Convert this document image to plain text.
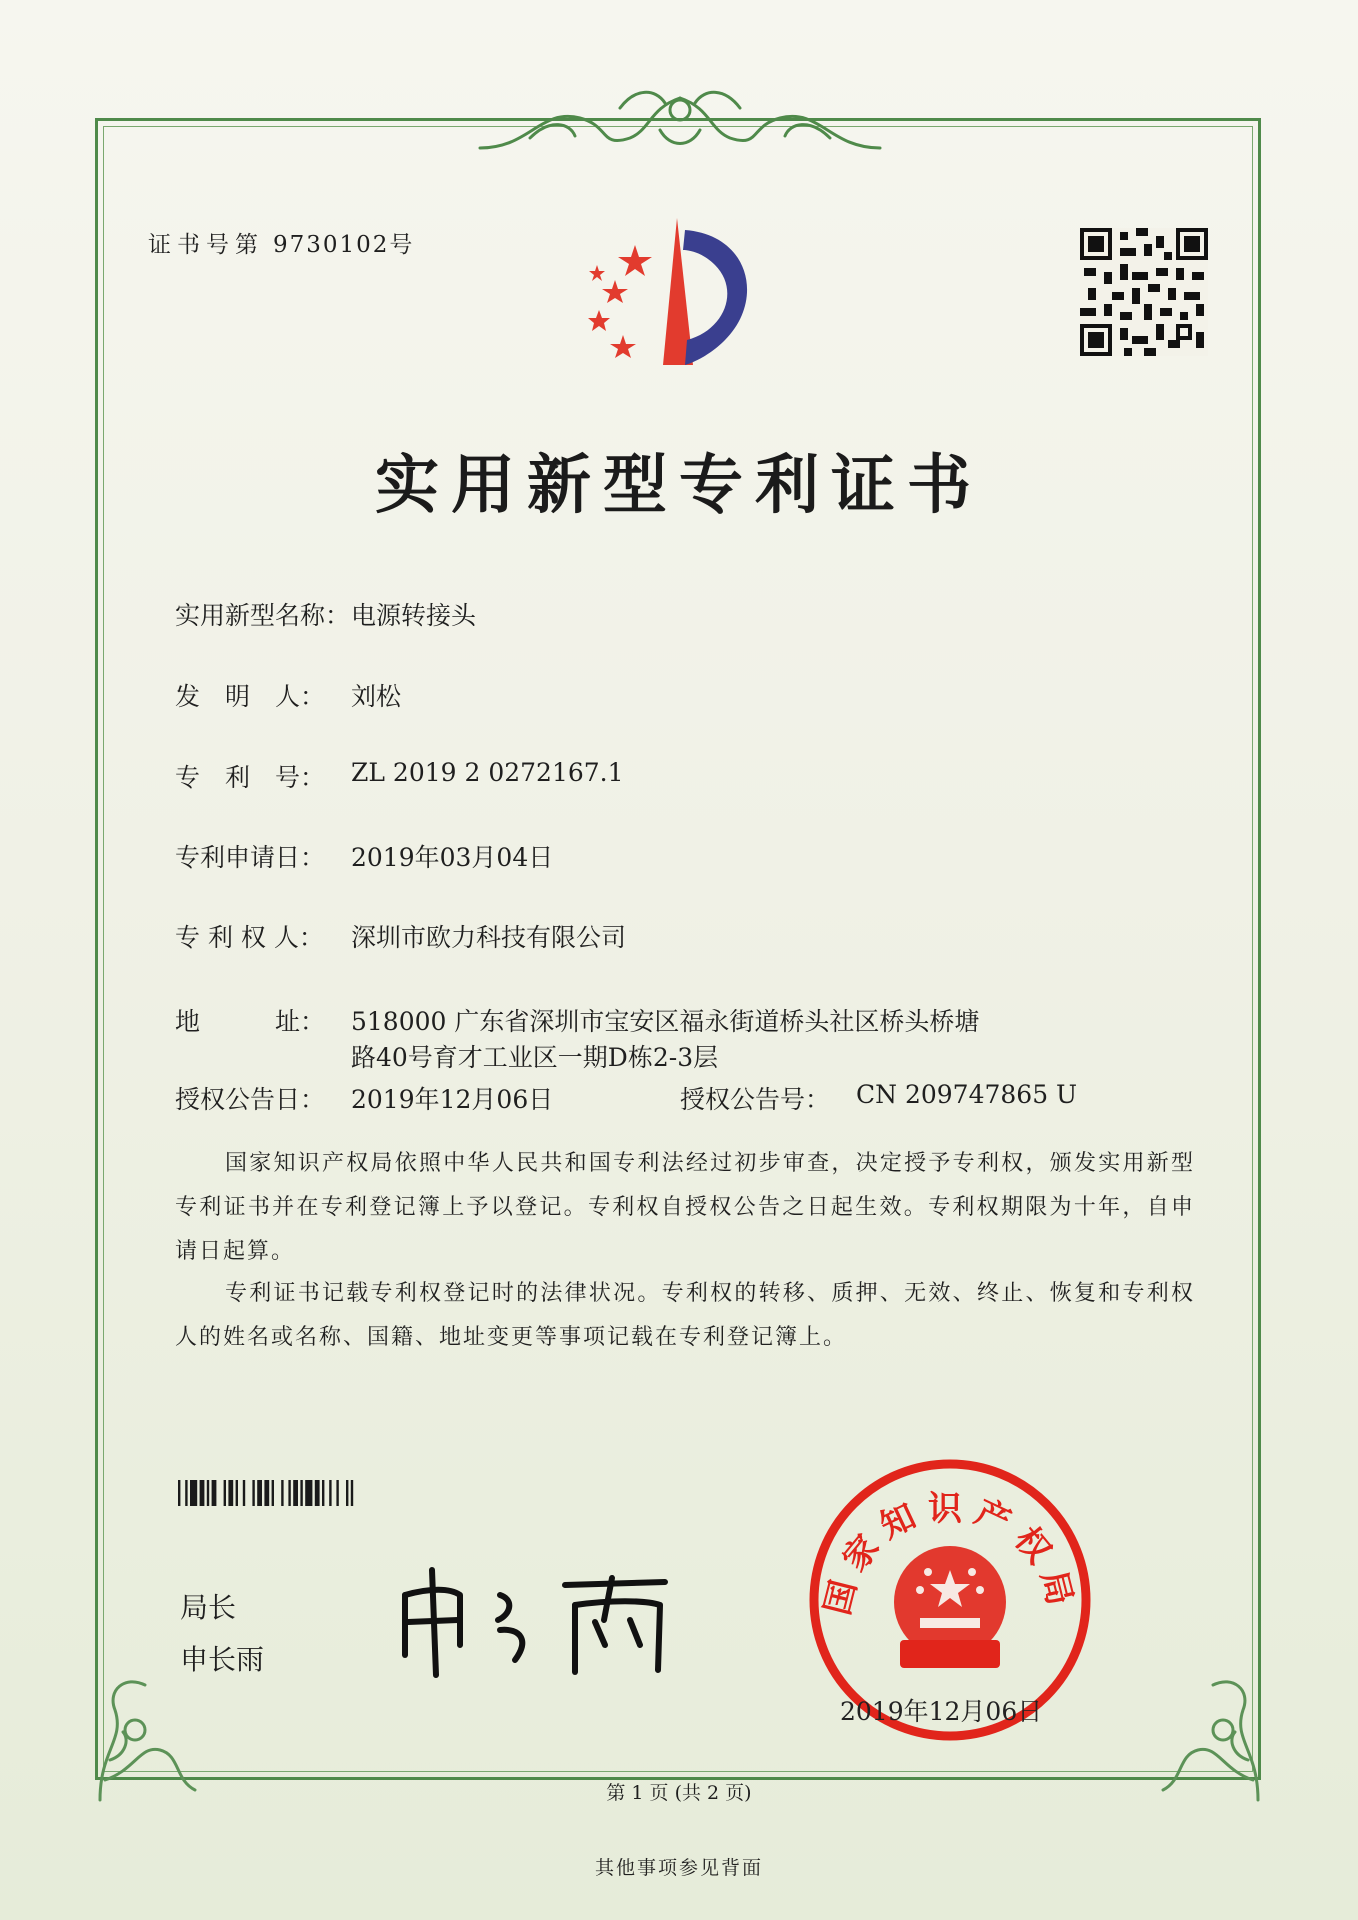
证书号第 9730102号
实用新型专利证书
实用新型名称： 电源转接头
发　明　人： 刘松
专　利　号： ZL 2019 2 0272167.1
专利申请日： 2019年03月04日
专 利 权 人： 深圳市欧力科技有限公司
地　　　址： 518000 广东省深圳市宝安区福永街道桥头社区桥头桥塘
路40号育才工业区一期D栋2-3层
授权公告日： 2019年12月06日	授权公告号： CN 209747865 U
国家知识产权局依照中华人民共和国专利法经过初步审查，决定授予专利权，颁发实用新型专利证书并在专利登记簿上予以登记。专利权自授权公告之日起生效。专利权期限为十年，自申请日起算。
专利证书记载专利权登记时的法律状况。专利权的转移、质押、无效、终止、恢复和专利权人的姓名或名称、国籍、地址变更等事项记载在专利登记簿上。
局长
申长雨
国家知识产权局
2019年12月06日
第 1 页 (共 2 页)
其他事项参见背面
